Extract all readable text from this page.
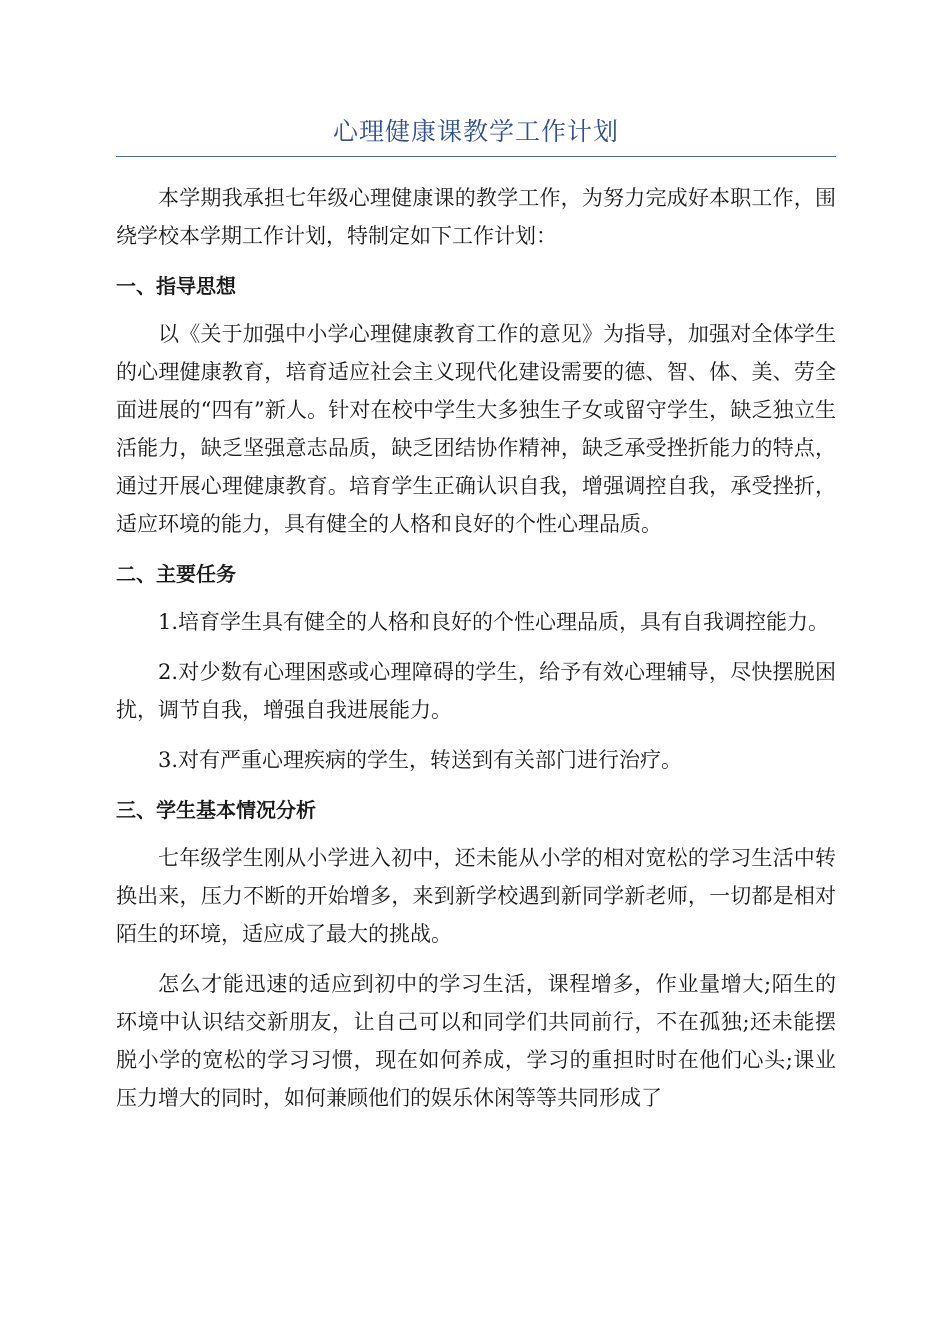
心理健康课教学工作计划

本学期我承担七年级心理健康课的教学工作，为努力完成好本职工作，围绕学校本学期工作计划，特制定如下工作计划：

一、指导思想

以《关于加强中小学心理健康教育工作的意见》为指导，加强对全体学生的心理健康教育，培育适应社会主义现代化建设需要的德、智、体、美、劳全面进展的“四有”新人。针对在校中学生大多独生子女或留守学生，缺乏独立生活能力，缺乏坚强意志品质，缺乏团结协作精神，缺乏承受挫折能力的特点，通过开展心理健康教育。培育学生正确认识自我，增强调控自我，承受挫折，适应环境的能力，具有健全的人格和良好的个性心理品质。

二、主要任务

1.培育学生具有健全的人格和良好的个性心理品质，具有自我调控能力。

2.对少数有心理困惑或心理障碍的学生，给予有效心理辅导，尽快摆脱困扰，调节自我，增强自我进展能力。

3.对有严重心理疾病的学生，转送到有关部门进行治疗。

三、学生基本情况分析

七年级学生刚从小学进入初中，还未能从小学的相对宽松的学习生活中转换出来，压力不断的开始增多，来到新学校遇到新同学新老师，一切都是相对陌生的环境，适应成了最大的挑战。

怎么才能迅速的适应到初中的学习生活，课程增多，作业量增大;陌生的环境中认识结交新朋友，让自己可以和同学们共同前行，不在孤独;还未能摆脱小学的宽松的学习习惯，现在如何养成，学习的重担时时在他们心头;课业压力增大的同时，如何兼顾他们的娱乐休闲等等共同形成了
